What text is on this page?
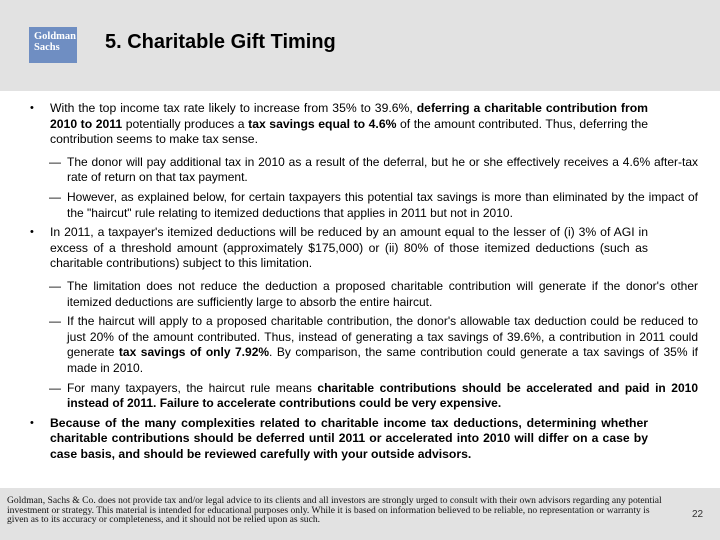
Goldman
Sachs	5. Charitable Gift Timing
• With the top income tax rate likely to increase from 35% to 39.6%, deferring a charitable contribution from 2010 to 2011 potentially produces a tax savings equal to 4.6% of the amount contributed. Thus, deferring the contribution seems to make tax sense.
— The donor will pay additional tax in 2010 as a result of the deferral, but he or she effectively receives a 4.6% after-tax rate of return on that tax payment.
— However, as explained below, for certain taxpayers this potential tax savings is more than eliminated by the impact of the "haircut" rule relating to itemized deductions that applies in 2011 but not in 2010.
• In 2011, a taxpayer's itemized deductions will be reduced by an amount equal to the lesser of (i) 3% of AGI in excess of a threshold amount (approximately $175,000) or (ii) 80% of those itemized deductions (such as charitable contributions) subject to this limitation.
— The limitation does not reduce the deduction a proposed charitable contribution will generate if the donor's other itemized deductions are sufficiently large to absorb the entire haircut.
— If the haircut will apply to a proposed charitable contribution, the donor's allowable tax deduction could be reduced to just 20% of the amount contributed. Thus, instead of generating a tax savings of 39.6%, a contribution in 2011 could generate tax savings of only 7.92%. By comparison, the same contribution could generate a tax savings of 35% if made in 2010.
— For many taxpayers, the haircut rule means charitable contributions should be accelerated and paid in 2010 instead of 2011. Failure to accelerate contributions could be very expensive.
• Because of the many complexities related to charitable income tax deductions, determining whether charitable contributions should be deferred until 2011 or accelerated into 2010 will differ on a case by case basis, and should be reviewed carefully with your outside advisors.
Goldman, Sachs & Co. does not provide tax and/or legal advice to its clients and all investors are strongly urged to consult with their own advisors regarding any potential investment or strategy. This material is intended for educational purposes only. While it is based on information believed to be reliable, no representation or warranty is given as to its accuracy or completeness, and it should not be relied upon as such.	22
